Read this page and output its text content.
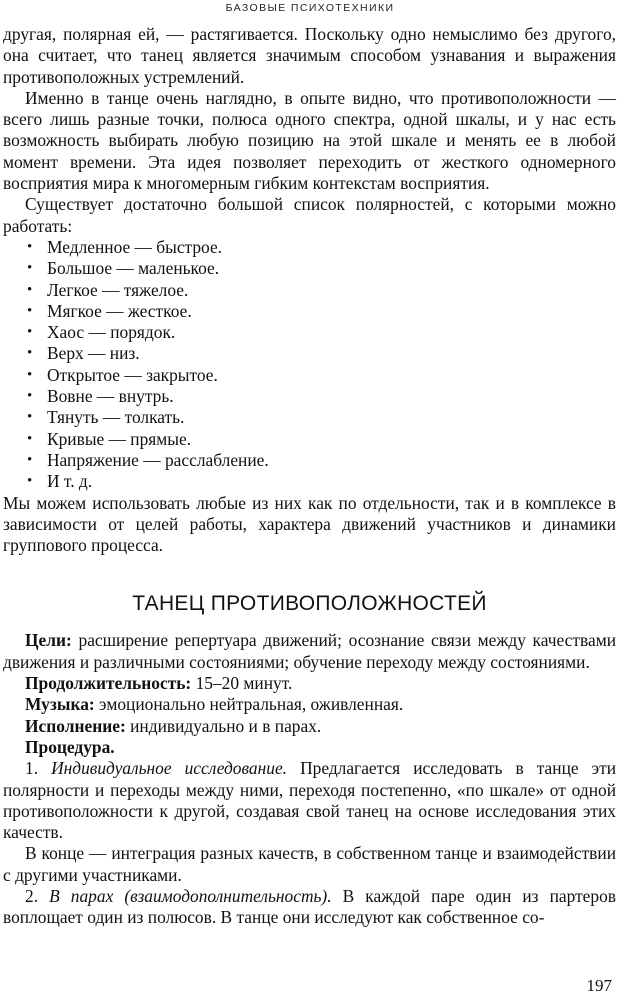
БАЗОВЫЕ ПСИХОТЕХНИКИ

другая, полярная ей, — растягивается. Поскольку одно немыслимо без другого, она считает, что танец является значимым способом узнавания и выражения противоположных устремлений.

Именно в танце очень наглядно, в опыте видно, что противоположности — всего лишь разные точки, полюса одного спектра, одной шкалы, и у нас есть возможность выбирать любую позицию на этой шкале и менять ее в любой момент времени. Эта идея позволяет переходить от жесткого одномерного восприятия мира к многомерным гибким контекстам восприятия.

Существует достаточно большой список полярностей, с которыми можно работать:

• Медленное — быстрое.
• Большое — маленькое.
• Легкое — тяжелое.
• Мягкое — жесткое.
• Хаос — порядок.
• Верх — низ.
• Открытое — закрытое.
• Вовне — внутрь.
• Тянуть — толкать.
• Кривые — прямые.
• Напряжение — расслабление.
• И т. д.

Мы можем использовать любые из них как по отдельности, так и в комплексе в зависимости от целей работы, характера движений участников и динамики группового процесса.

ТАНЕЦ ПРОТИВОПОЛОЖНОСТЕЙ

Цели: расширение репертуара движений; осознание связи между качествами движения и различными состояниями; обучение переходу между состояниями.

Продолжительность: 15–20 минут.

Музыка: эмоционально нейтральная, оживленная.

Исполнение: индивидуально и в парах.

Процедура.

1. Индивидуальное исследование. Предлагается исследовать в танце эти полярности и переходы между ними, переходя постепенно, «по шкале» от одной противоположности к другой, создавая свой танец на основе исследования этих качеств.

В конце — интеграция разных качеств, в собственном танце и взаимодействии с другими участниками.

2. В парах (взаимодополнительность). В каждой паре один из партеров воплощает один из полюсов. В танце они исследуют как собственное со-

197
